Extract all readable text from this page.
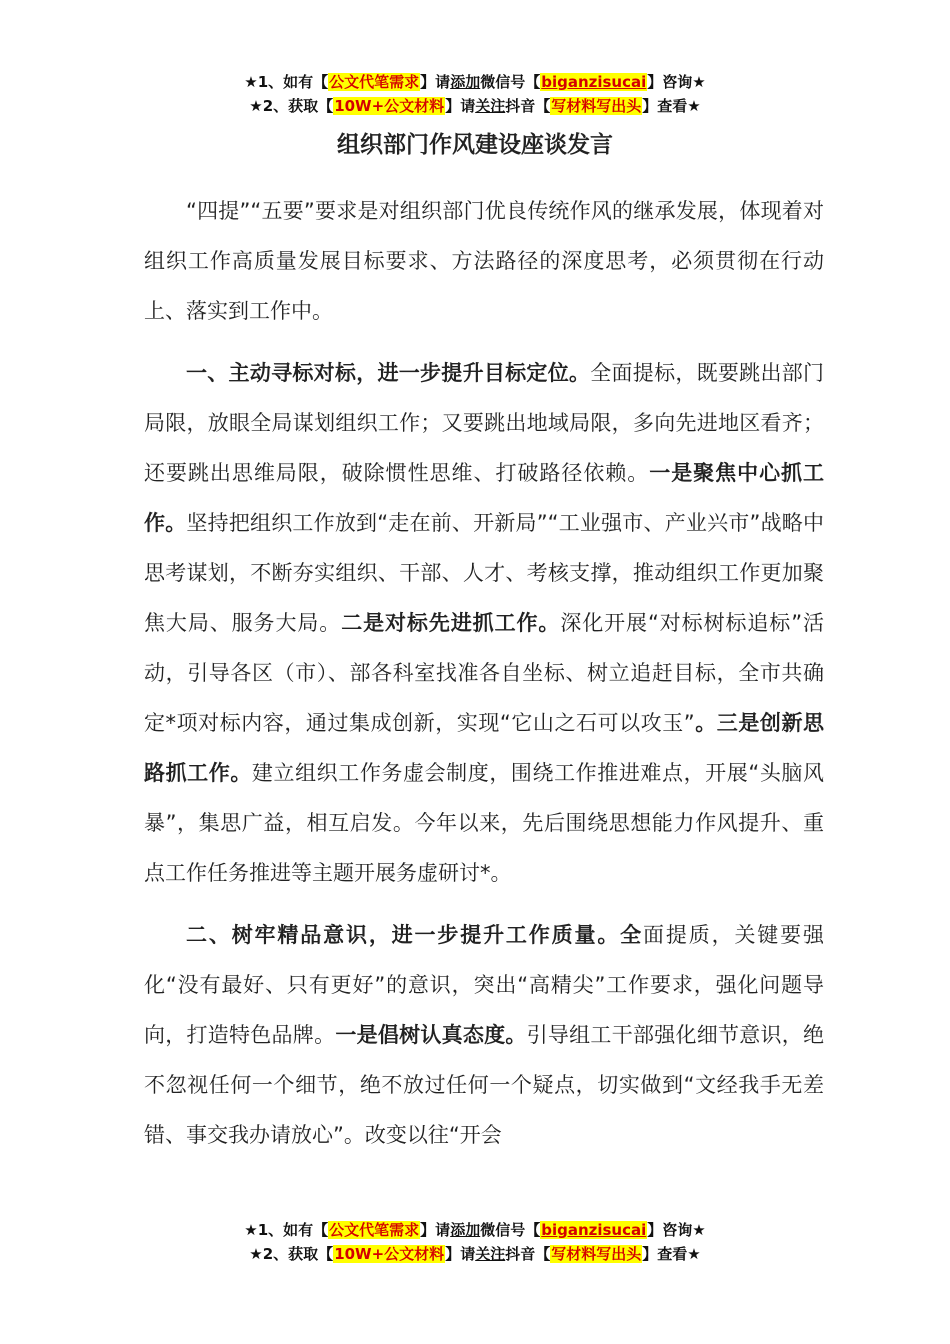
★1、如有【公文代笔需求】请添加微信号【biganzisucai】咨询★
★2、获取【10W+公文材料】请关注抖音【写材料写出头】查看★
组织部门作风建设座谈发言

“四提”“五要”要求是对组织部门优良传统作风的继承发展，体现着对组织工作高质量发展目标要求、方法路径的深度思考，必须贯彻在行动上、落实到工作中。

一、主动寻标对标，进一步提升目标定位。全面提标，既要跳出部门局限，放眼全局谋划组织工作；又要跳出地域局限，多向先进地区看齐；还要跳出思维局限，破除惯性思维、打破路径依赖。一是聚焦中心抓工作。坚持把组织工作放到“走在前、开新局”“工业强市、产业兴市”战略中思考谋划，不断夯实组织、干部、人才、考核支撑，推动组织工作更加聚焦大局、服务大局。二是对标先进抓工作。深化开展“对标树标追标”活动，引导各区（市）、部各科室找准各自坐标、树立追赶目标，全市共确定*项对标内容，通过集成创新，实现“它山之石可以攻玉”。三是创新思路抓工作。建立组织工作务虚会制度，围绕工作推进难点，开展“头脑风暴”，集思广益，相互启发。今年以来，先后围绕思想能力作风提升、重点工作任务推进等主题开展务虚研讨*。

二、树牢精品意识，进一步提升工作质量。全面提质，关键要强化“没有最好、只有更好”的意识，突出“高精尖”工作要求，强化问题导向，打造特色品牌。一是倡树认真态度。引导组工干部强化细节意识，绝不忽视任何一个细节，绝不放过任何一个疑点，切实做到“文经我手无差错、事交我办请放心”。改变以往“开会

★1、如有【公文代笔需求】请添加微信号【biganzisucai】咨询★
★2、获取【10W+公文材料】请关注抖音【写材料写出头】查看★
